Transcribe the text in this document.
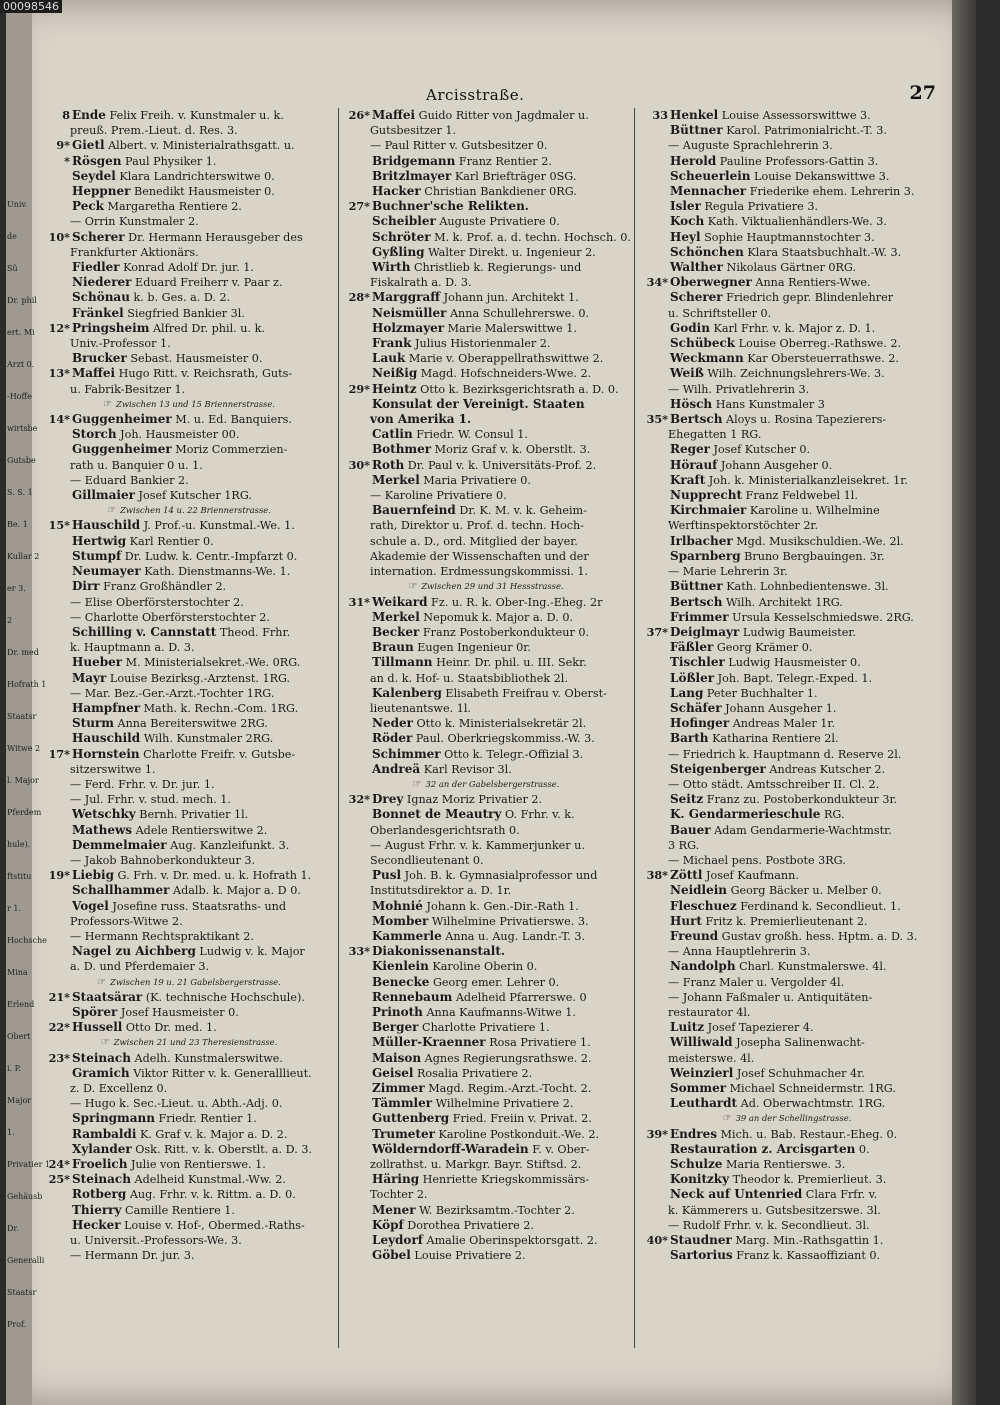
Univ.
de
Sü
Dr. phil
ert. Mi
Arzt 0.
-Hoffe
wirtsbe
Gutsbe
S. S. 1
Be. 1
Kullar 2
er 3.
2
Dr. med
Hofrath 1
Staatsr
Witwe 2
l. Major
Pferdem
hule).
ftstitu
r 1.
Hochsche
Mina
Erlend
Obert
i. P.
Major
1.
Privatier 1
Gehäusb
Dr.
Generalli
Staatsr
Prof.
Arcisstraße.	27
8 Ende Felix Freih. v. Kunstmaler u. k.
preuß. Prem.-Lieut. d. Res. 3.
9* Gietl Albert. v. Ministerialrathsgatt. u.
* Rösgen Paul Physiker 1.
Seydel Klara Landrichterswitwe 0.
Heppner Benedikt Hausmeister 0.
Peck Margaretha Rentiere 2.
— Orrin Kunstmaler 2.
10* Scherer Dr. Hermann Herausgeber des
Frankfurter Aktionärs.
Fiedler Konrad Adolf Dr. jur. 1.
Niederer Eduard Freiherr v. Paar z.
Schönau k. b. Ges. a. D. 2.
Fränkel Siegfried Bankier 3l.
12* Pringsheim Alfred Dr. phil. u. k.
Univ.-Professor 1.
Brucker Sebast. Hausmeister 0.
13* Maffei Hugo Ritt. v. Reichsrath, Guts-
u. Fabrik-Besitzer 1.
☞ Zwischen 13 und 15 Briennerstrasse.
14* Guggenheimer M. u. Ed. Banquiers.
Storch Joh. Hausmeister 00.
Guggenheimer Moriz Commerzien-
rath u. Banquier 0 u. 1.
— Eduard Bankier 2.
Gillmaier Josef Kutscher 1RG.
☞ Zwischen 14 u. 22 Briennerstrasse.
15* Hauschild J. Prof.-u. Kunstmal.-We. 1.
Hertwig Karl Rentier 0.
Stumpf Dr. Ludw. k. Centr.-Impfarzt 0.
Neumayer Kath. Dienstmanns-We. 1.
Dirr Franz Großhändler 2.
— Elise Oberförsterstochter 2.
— Charlotte Oberförsterstochter 2.
Schilling v. Cannstatt Theod. Frhr.
k. Hauptmann a. D. 3.
Hueber M. Ministerialsekret.-We. 0RG.
Mayr Louise Bezirksg.-Arztenst. 1RG.
— Mar. Bez.-Ger.-Arzt.-Tochter 1RG.
Hampfner Math. k. Rechn.-Com. 1RG.
Sturm Anna Bereiterswitwe 2RG.
Hauschild Wilh. Kunstmaler 2RG.
17* Hornstein Charlotte Freifr. v. Gutsbe-
sitzerswitwe 1.
— Ferd. Frhr. v. Dr. jur. 1.
— Jul. Frhr. v. stud. mech. 1.
Wetschky Bernh. Privatier 1l.
Mathews Adele Rentierswitwe 2.
Demmelmaier Aug. Kanzleifunkt. 3.
— Jakob Bahnoberkondukteur 3.
19* Liebig G. Frh. v. Dr. med. u. k. Hofrath 1.
Schallhammer Adalb. k. Major a. D 0.
Vogel Josefine russ. Staatsraths- und
Professors-Witwe 2.
— Hermann Rechtspraktikant 2.
Nagel zu Aichberg Ludwig v. k. Major
a. D. und Pferdemaier 3.
☞ Zwischen 19 u. 21 Gabelsbergerstrasse.
21* Staatsärar (K. technische Hochschule).
Spörer Josef Hausmeister 0.
22* Hussell Otto Dr. med. 1.
☞ Zwischen 21 und 23 Theresienstrasse.
23* Steinach Adelh. Kunstmalerswitwe.
Gramich Viktor Ritter v. k. Generalllieut.
z. D. Excellenz 0.
— Hugo k. Sec.-Lieut. u. Abth.-Adj. 0.
Springmann Friedr. Rentier 1.
Rambaldi K. Graf v. k. Major a. D. 2.
Xylander Osk. Ritt. v. k. Oberstlt. a. D. 3.
24* Froelich Julie von Rentierswe. 1.
25* Steinach Adelheid Kunstmal.-Ww. 2.
Rotberg Aug. Frhr. v. k. Rittm. a. D. 0.
Thierry Camille Rentiere 1.
Hecker Louise v. Hof-, Obermed.-Raths-
u. Universit.-Professors-We. 3.
— Hermann Dr. jur. 3.
26* Maffei Guido Ritter von Jagdmaler u.
Gutsbesitzer 1.
— Paul Ritter v. Gutsbesitzer 0.
Bridgemann Franz Rentier 2.
Britzlmayer Karl Briefträger 0SG.
Hacker Christian Bankdiener 0RG.
27* Buchner'sche Relikten.
Scheibler Auguste Privatiere 0.
Schröter M. k. Prof. a. d. techn. Hochsch. 0.
Gyßling Walter Direkt. u. Ingenieur 2.
Wirth Christlieb k. Regierungs- und
Fiskalrath a. D. 3.
28* Marggraff Johann jun. Architekt 1.
Neismüller Anna Schullehrerswe. 0.
Holzmayer Marie Malerswittwe 1.
Frank Julius Historienmaler 2.
Lauk Marie v. Oberappellrathswittwe 2.
Neißig Magd. Hofschneiders-Wwe. 2.
29* Heintz Otto k. Bezirksgerichtsrath a. D. 0.
Konsulat der Vereinigt. Staaten
von Amerika 1.
Catlin Friedr. W. Consul 1.
Bothmer Moriz Graf v. k. Oberstlt. 3.
30* Roth Dr. Paul v. k. Universitäts-Prof. 2.
Merkel Maria Privatiere 0.
— Karoline Privatiere 0.
Bauernfeind Dr. K. M. v. k. Geheim-
rath, Direktor u. Prof. d. techn. Hoch-
schule a. D., ord. Mitglied der bayer.
Akademie der Wissenschaften und der
internation. Erdmessungskommissi. 1.
☞ Zwischen 29 und 31 Hessstrasse.
31* Weikard Fz. u. R. k. Ober-Ing.-Eheg. 2r
Merkel Nepomuk k. Major a. D. 0.
Becker Franz Postoberkondukteur 0.
Braun Eugen Ingenieur 0r.
Tillmann Heinr. Dr. phil. u. III. Sekr.
an d. k. Hof- u. Staatsbibliothek 2l.
Kalenberg Elisabeth Freifrau v. Oberst-
lieutenantswe. 1l.
Neder Otto k. Ministerialsekretär 2l.
Röder Paul. Oberkriegskommiss.-W. 3.
Schimmer Otto k. Telegr.-Offizial 3.
Andreä Karl Revisor 3l.
☞ 32 an der Gabelsbergerstrasse.
32* Drey Ignaz Moriz Privatier 2.
Bonnet de Meautry O. Frhr. v. k.
Oberlandesgerichtsrath 0.
— August Frhr. v. k. Kammerjunker u.
Secondlieutenant 0.
Pusl Joh. B. k. Gymnasialprofessor und
Institutsdirektor a. D. 1r.
Mohnié Johann k. Gen.-Dir.-Rath 1.
Momber Wilhelmine Privatierswe. 3.
Kammerle Anna u. Aug. Landr.-T. 3.
33* Diakonissenanstalt.
Kienlein Karoline Oberin 0.
Benecke Georg emer. Lehrer 0.
Rennebaum Adelheid Pfarrerswe. 0
Prinoth Anna Kaufmanns-Witwe 1.
Berger Charlotte Privatiere 1.
Müller-Kraenner Rosa Privatiere 1.
Maison Agnes Regierungsrathswe. 2.
Geisel Rosalia Privatiere 2.
Zimmer Magd. Regim.-Arzt.-Tocht. 2.
Tämmler Wilhelmine Privatiere 2.
Guttenberg Fried. Freiin v. Privat. 2.
Trumeter Karoline Postkonduit.-We. 2.
Wölderndorff-Waradein F. v. Ober-
zollrathst. u. Markgr. Bayr. Stiftsd. 2.
Häring Henriette Kriegskommissärs-
Tochter 2.
Mener W. Bezirksamtm.-Tochter 2.
Köpf Dorothea Privatiere 2.
Leydorf Amalie Oberinspektorsgatt. 2.
Göbel Louise Privatiere 2.
33 Henkel Louise Assessorswittwe 3.
Büttner Karol. Patrimonialricht.-T. 3.
— Auguste Sprachlehrerin 3.
Herold Pauline Professors-Gattin 3.
Scheuerlein Louise Dekanswittwe 3.
Mennacher Friederike ehem. Lehrerin 3.
Isler Regula Privatiere 3.
Koch Kath. Viktualienhändlers-We. 3.
Heyl Sophie Hauptmannstochter 3.
Schönchen Klara Staatsbuchhalt.-W. 3.
Walther Nikolaus Gärtner 0RG.
34* Oberwegner Anna Rentiers-Wwe.
Scherer Friedrich gepr. Blindenlehrer
u. Schriftsteller 0.
Godin Karl Frhr. v. k. Major z. D. 1.
Schübeck Louise Oberreg.-Rathswe. 2.
Weckmann Kar Obersteuerrathswe. 2.
Weiß Wilh. Zeichnungslehrers-We. 3.
— Wilh. Privatlehrerin 3.
Hösch Hans Kunstmaler 3
35* Bertsch Aloys u. Rosina Tapezierers-
Ehegatten 1 RG.
Reger Josef Kutscher 0.
Hörauf Johann Ausgeher 0.
Kraft Joh. k. Ministerialkanzleisekret. 1r.
Nupprecht Franz Feldwebel 1l.
Kirchmaier Karoline u. Wilhelmine
Werftinspektorstöchter 2r.
Irlbacher Mgd. Musikschuldien.-We. 2l.
Sparnberg Bruno Bergbauingen. 3r.
— Marie Lehrerin 3r.
Büttner Kath. Lohnbedientenswe. 3l.
Bertsch Wilh. Architekt 1RG.
Frimmer Ursula Kesselschmiedswe. 2RG.
37* Deiglmayr Ludwig Baumeister.
Fäßler Georg Krämer 0.
Tischler Ludwig Hausmeister 0.
Lößler Joh. Bapt. Telegr.-Exped. 1.
Lang Peter Buchhalter 1.
Schäfer Johann Ausgeher 1.
Hofinger Andreas Maler 1r.
Barth Katharina Rentiere 2l.
— Friedrich k. Hauptmann d. Reserve 2l.
Steigenberger Andreas Kutscher 2.
— Otto städt. Amtsschreiber II. Cl. 2.
Seitz Franz zu. Postoberkondukteur 3r.
K. Gendarmerieschule RG.
Bauer Adam Gendarmerie-Wachtmstr.
3 RG.
— Michael pens. Postbote 3RG.
38* Zöttl Josef Kaufmann.
Neidlein Georg Bäcker u. Melber 0.
Fleschuez Ferdinand k. Secondlieut. 1.
Hurt Fritz k. Premierlieutenant 2.
Freund Gustav großh. hess. Hptm. a. D. 3.
— Anna Hauptlehrerin 3.
Nandolph Charl. Kunstmalerswe. 4l.
— Franz Maler u. Vergolder 4l.
— Johann Faßmaler u. Antiquitäten-
restaurator 4l.
Luitz Josef Tapezierer 4.
Williwald Josepha Salinenwacht-
meisterswe. 4l.
Weinzierl Josef Schuhmacher 4r.
Sommer Michael Schneidermstr. 1RG.
Leuthardt Ad. Oberwachtmstr. 1RG.
☞ 39 an der Schellingstrasse.
39* Endres Mich. u. Bab. Restaur.-Eheg. 0.
Restauration z. Arcisgarten 0.
Schulze Maria Rentierswe. 3.
Konitzky Theodor k. Premierlieut. 3.
Neck auf Untenried Clara Frfr. v.
k. Kämmerers u. Gutsbesitzerswe. 3l.
— Rudolf Frhr. v. k. Secondlieut. 3l.
40* Staudner Marg. Min.-Rathsgattin 1.
Sartorius Franz k. Kassaoffiziant 0.
00098546
